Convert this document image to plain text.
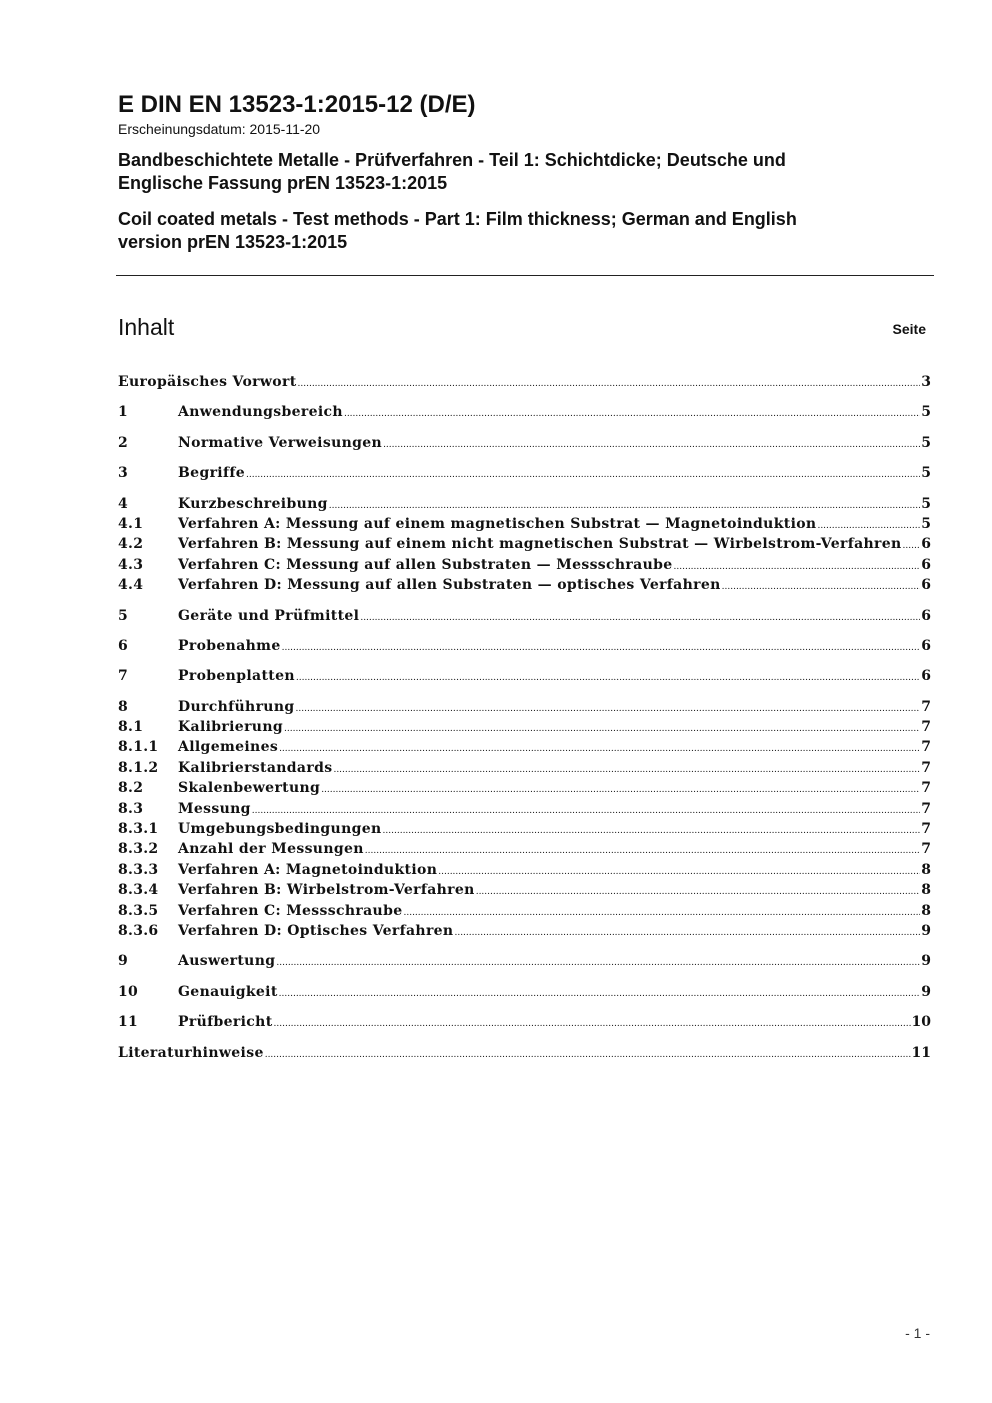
E DIN EN 13523-1:2015-12 (D/E)

Erscheinungsdatum: 2015-11-20

Bandbeschichtete Metalle - Prüfverfahren - Teil 1: Schichtdicke; Deutsche und
Englische Fassung prEN 13523-1:2015

Coil coated metals - Test methods - Part 1: Film thickness; German and English
version prEN 13523-1:2015

Inhalt	Seite
Europäisches Vorwort .....	3
1	Anwendungsbereich .....	5
2	Normative Verweisungen .....	5
3	Begriffe .....	5
4	Kurzbeschreibung .....	5
4.1	Verfahren A: Messung auf einem magnetischen Substrat — Magnetoinduktion .....	5
4.2	Verfahren B: Messung auf einem nicht magnetischen Substrat — Wirbelstrom-Verfahren ..... 6
4.3	Verfahren C: Messung auf allen Substraten — Messschraube .....	6
4.4	Verfahren D: Messung auf allen Substraten — optisches Verfahren .....	6
5	Geräte und Prüfmittel .....	6
6	Probenahme .....	6
7	Probenplatten .....	6
8	Durchführung .....	7
8.1	Kalibrierung .....	7
8.1.1	Allgemeines .....	7
8.1.2	Kalibrierstandards .....	7
8.2	Skalenbewertung .....	7
8.3	Messung .....	7
8.3.1	Umgebungsbedingungen .....	7
8.3.2	Anzahl der Messungen .....	7
8.3.3	Verfahren A: Magnetoinduktion .....	8
8.3.4	Verfahren B: Wirbelstrom-Verfahren .....	8
8.3.5	Verfahren C: Messschraube .....	8
8.3.6	Verfahren D: Optisches Verfahren .....	9
9	Auswertung .....	9
10	Genauigkeit .....	9
11	Prüfbericht .....	10
Literaturhinweise .....	11
- 1 -
